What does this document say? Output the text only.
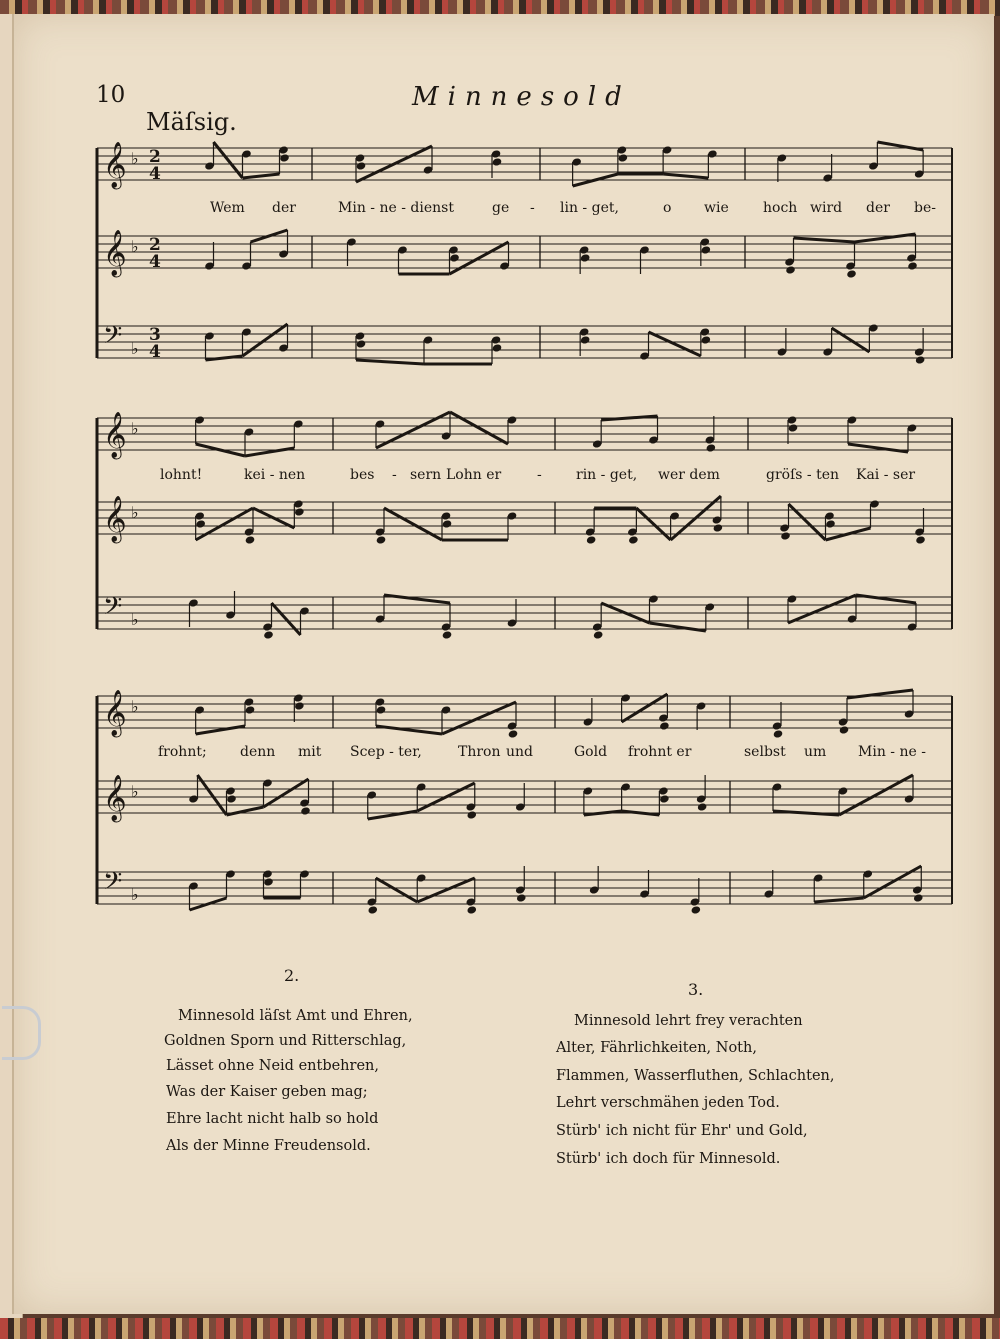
10	Minnesold
Mäſsig.
𝄞 ♭ 2
4
𝄞 ♭ 2
4
𝄢 ♭
3
4
𝄞 ♭
𝄞 ♭
𝄢 ♭
𝄞 ♭
𝄞 ♭
𝄢 ♭
Wem der	Min - ne - dienst	ge - lin - get,	o wie hoch wird der be-
lohnt!	kei - nen	bes - sern Lohn er	- rin - get, wer dem	gröſs - ten Kai - ser
frohnt; denn mit Scep - ter,	Thron und	Gold frohnt er	selbst um Min - ne -
2.
Minnesold läſst Amt und Ehren,
Goldnen Sporn und Ritterschlag,
Lässet ohne Neid entbehren,
Was der Kaiser geben mag;
Ehre lacht nicht halb so hold
Als der Minne Freudensold.
3.
Minnesold lehrt frey verachten
Alter, Fährlichkeiten, Noth,
Flammen, Wasserfluthen, Schlachten,
Lehrt verschmähen jeden Tod.
Stürb' ich nicht für Ehr' und Gold,
Stürb' ich doch für Minnesold.
